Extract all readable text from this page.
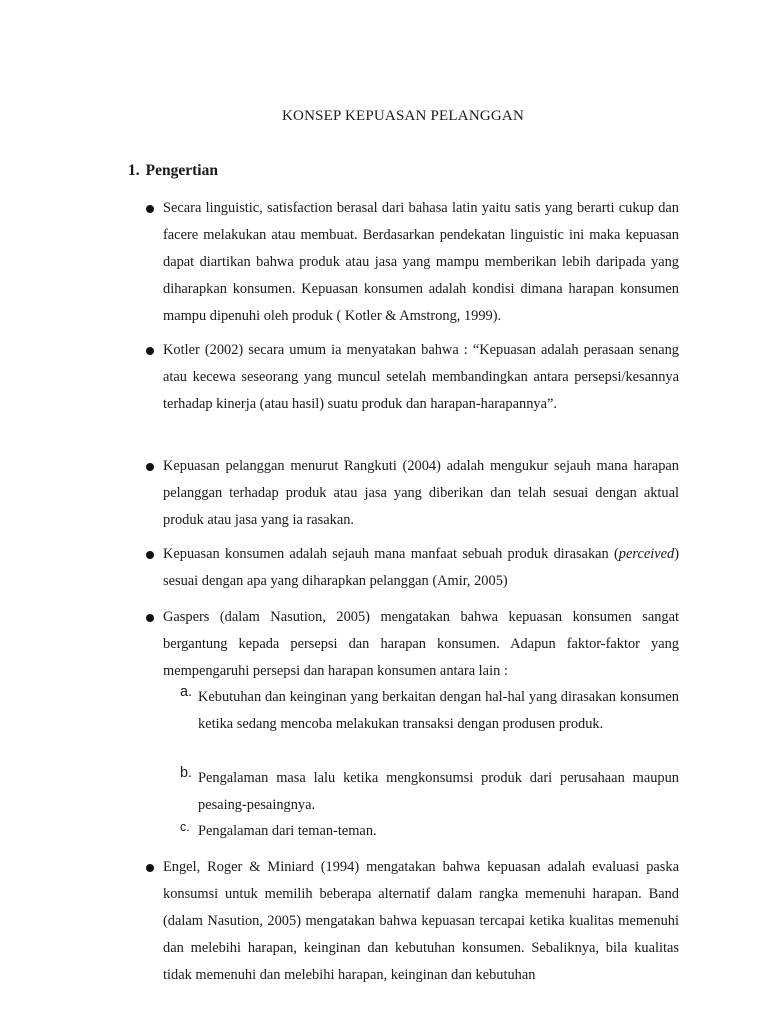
KONSEP KEPUASAN PELANGGAN
1. Pengertian

Secara linguistic, satisfaction berasal dari bahasa latin yaitu satis yang berarti cukup dan facere melakukan atau membuat. Berdasarkan pendekatan linguistic ini maka kepuasan dapat diartikan bahwa produk atau jasa yang mampu memberikan lebih daripada yang diharapkan konsumen. Kepuasan konsumen adalah kondisi dimana harapan konsumen mampu dipenuhi oleh produk ( Kotler & Amstrong, 1999).

Kotler (2002) secara umum ia menyatakan bahwa : “Kepuasan adalah perasaan senang atau kecewa seseorang yang muncul setelah membandingkan antara persepsi/kesannya terhadap kinerja (atau hasil) suatu produk dan harapan-harapannya”.

Kepuasan pelanggan menurut Rangkuti (2004) adalah mengukur sejauh mana harapan pelanggan terhadap produk atau jasa yang diberikan dan telah sesuai dengan aktual produk atau jasa yang ia rasakan.

Kepuasan konsumen adalah sejauh mana manfaat sebuah produk dirasakan (perceived) sesuai dengan apa yang diharapkan pelanggan (Amir, 2005)

Gaspers (dalam Nasution, 2005) mengatakan bahwa kepuasan konsumen sangat bergantung kepada persepsi dan harapan konsumen. Adapun faktor-faktor yang mempengaruhi persepsi dan harapan konsumen antara lain :

a. Kebutuhan dan keinginan yang berkaitan dengan hal-hal yang dirasakan konsumen ketika sedang mencoba melakukan transaksi dengan produsen produk.

b. Pengalaman masa lalu ketika mengkonsumsi produk dari perusahaan maupun pesaing-pesaingnya.

c. Pengalaman dari teman-teman.

Engel, Roger & Miniard (1994) mengatakan bahwa kepuasan adalah evaluasi paska konsumsi untuk memilih beberapa alternatif dalam rangka memenuhi harapan. Band (dalam Nasution, 2005) mengatakan bahwa kepuasan tercapai ketika kualitas memenuhi dan melebihi harapan, keinginan dan kebutuhan konsumen. Sebaliknya, bila kualitas tidak memenuhi dan melebihi harapan, keinginan dan kebutuhan
